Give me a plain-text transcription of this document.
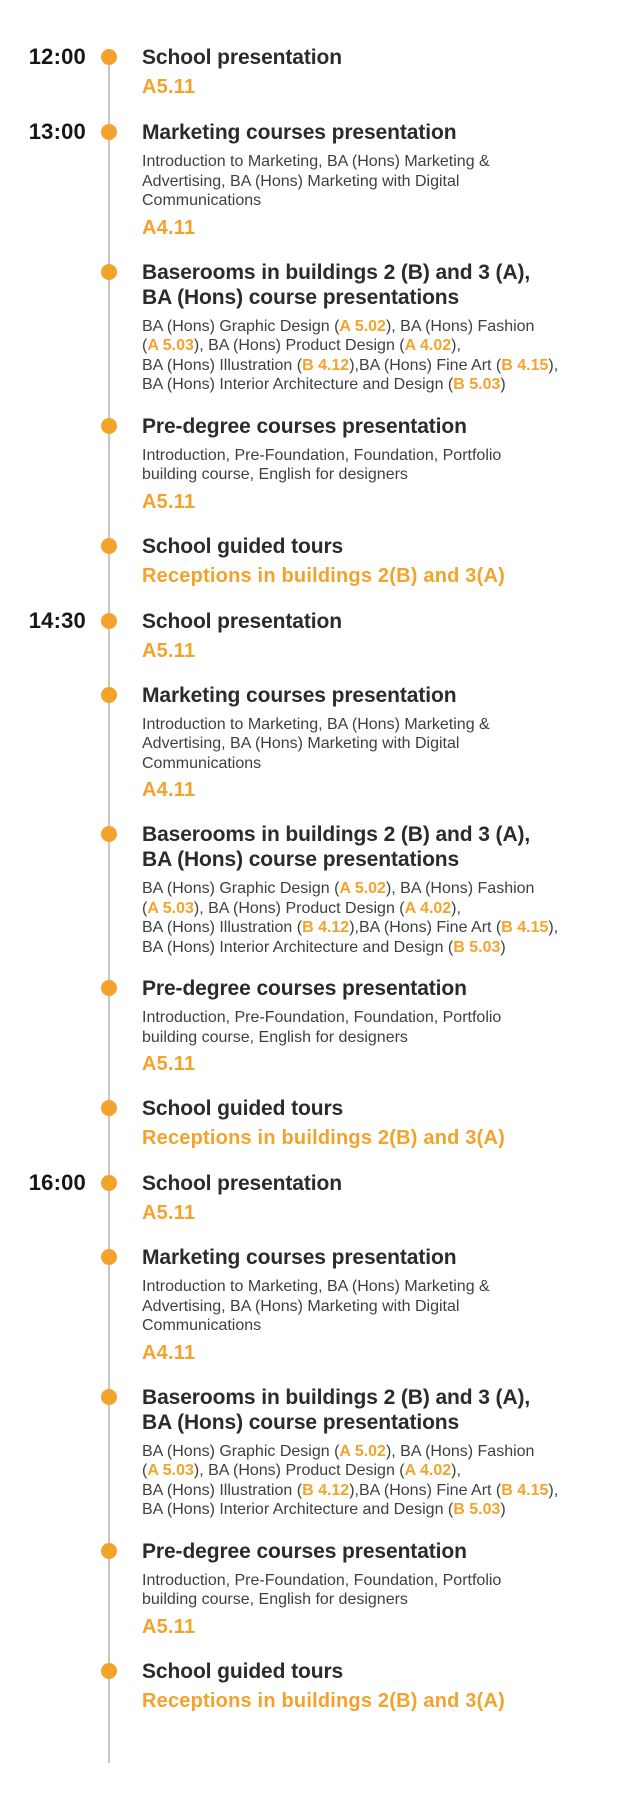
12:00	School presentation
A5.11
13:00	Marketing courses presentation
Introduction to Marketing, BA (Hons) Marketing &
Advertising, BA (Hons) Marketing with Digital
Communications
A4.11
Baserooms in buildings 2 (B) and 3 (A),
BA (Hons) course presentations
BA (Hons) Graphic Design (A 5.02), BA (Hons) Fashion
(A 5.03), BA (Hons) Product Design (A 4.02),
BA (Hons) Illustration (B 4.12),BA (Hons) Fine Art (B 4.15),
BA (Hons) Interior Architecture and Design (B 5.03)
Pre-degree courses presentation
Introduction, Pre-Foundation, Foundation, Portfolio
building course, English for designers
A5.11
School guided tours
Receptions in buildings 2(B) and 3(A)
14:30	School presentation
A5.11
Marketing courses presentation
Introduction to Marketing, BA (Hons) Marketing &
Advertising, BA (Hons) Marketing with Digital
Communications
A4.11
Baserooms in buildings 2 (B) and 3 (A),
BA (Hons) course presentations
BA (Hons) Graphic Design (A 5.02), BA (Hons) Fashion
(A 5.03), BA (Hons) Product Design (A 4.02),
BA (Hons) Illustration (B 4.12),BA (Hons) Fine Art (B 4.15),
BA (Hons) Interior Architecture and Design (B 5.03)
Pre-degree courses presentation
Introduction, Pre-Foundation, Foundation, Portfolio
building course, English for designers
A5.11
School guided tours
Receptions in buildings 2(B) and 3(A)
16:00	School presentation
A5.11
Marketing courses presentation
Introduction to Marketing, BA (Hons) Marketing &
Advertising, BA (Hons) Marketing with Digital
Communications
A4.11
Baserooms in buildings 2 (B) and 3 (A),
BA (Hons) course presentations
BA (Hons) Graphic Design (A 5.02), BA (Hons) Fashion
(A 5.03), BA (Hons) Product Design (A 4.02),
BA (Hons) Illustration (B 4.12),BA (Hons) Fine Art (B 4.15),
BA (Hons) Interior Architecture and Design (B 5.03)
Pre-degree courses presentation
Introduction, Pre-Foundation, Foundation, Portfolio
building course, English for designers
A5.11
School guided tours
Receptions in buildings 2(B) and 3(A)
